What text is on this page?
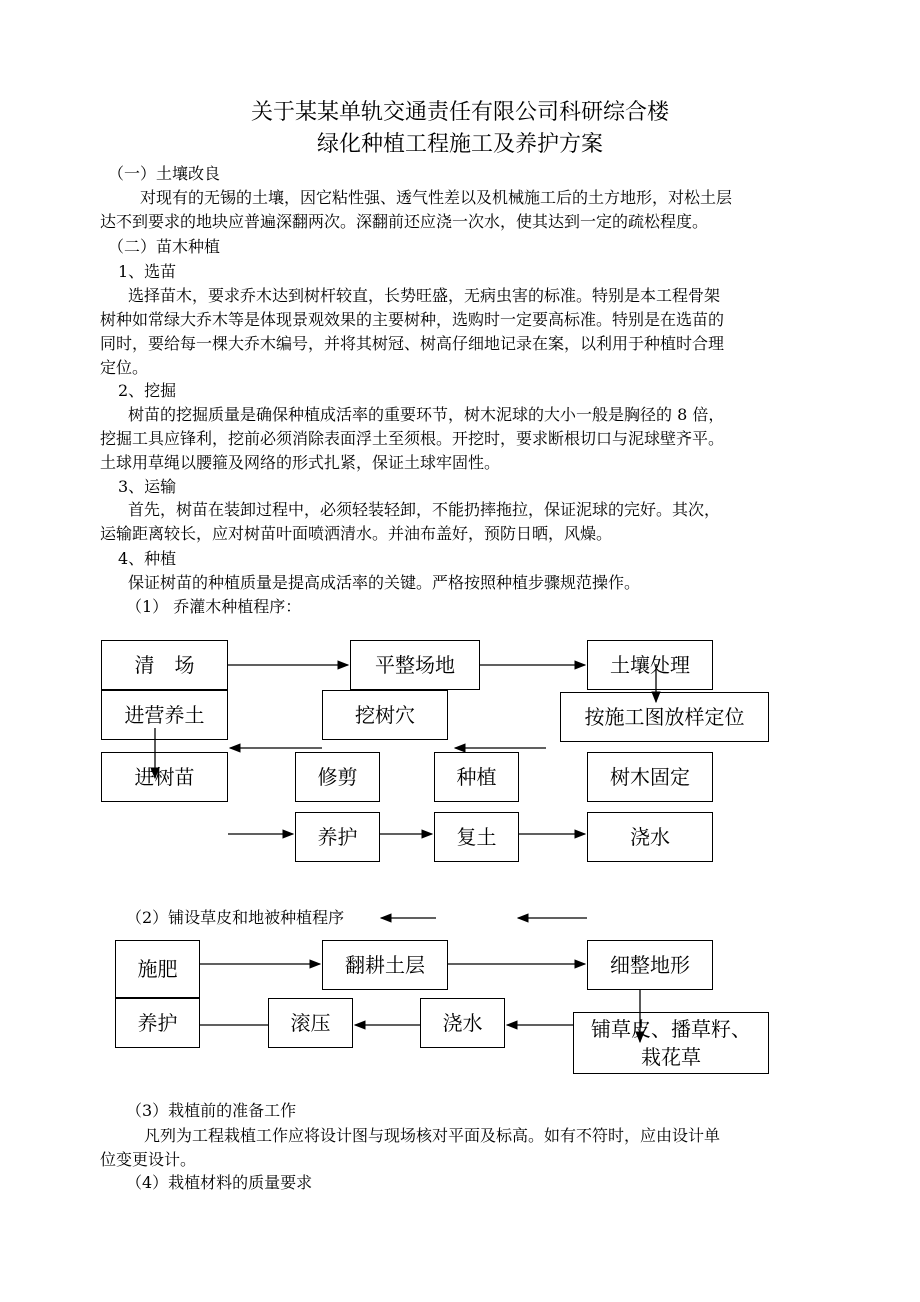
关于某某单轨交通责任有限公司科研综合楼
绿化种植工程施工及养护方案
（一）土壤改良
对现有的无锡的土壤，因它粘性强、透气性差以及机械施工后的土方地形，对松土层
达不到要求的地块应普遍深翻两次。深翻前还应浇一次水，使其达到一定的疏松程度。
（二）苗木种植
1、选苗
选择苗木，要求乔木达到树杆较直，长势旺盛，无病虫害的标准。特别是本工程骨架
树种如常绿大乔木等是体现景观效果的主要树种，选购时一定要高标准。特别是在选苗的
同时，要给每一棵大乔木编号，并将其树冠、树高仔细地记录在案，以利用于种植时合理
定位。
2、挖掘
树苗的挖掘质量是确保种植成活率的重要环节，树木泥球的大小一般是胸径的 8 倍，
挖掘工具应锋利，挖前必须消除表面浮土至须根。开挖时，要求断根切口与泥球壁齐平。
土球用草绳以腰箍及网络的形式扎紧，保证土球牢固性。
3、运输
首先，树苗在装卸过程中，必须轻装轻卸，不能扔摔拖拉，保证泥球的完好。其次，
运输距离较长，应对树苗叶面喷洒清水。并油布盖好，预防日晒，风燥。
4、种植
保证树苗的种植质量是提高成活率的关键。严格按照种植步骤规范操作。
（1） 乔灌木种植程序：
清　场	平整场地	土壤处理
进营养土	挖树穴	按施工图放样定位
进树苗	修剪	种植	树木固定
养护	复土	浇水
（2）铺设草皮和地被种植程序
施肥	翻耕土层	细整地形
养护	滚压	浇水	铺草皮、播草籽、
栽花草
（3）栽植前的准备工作
凡列为工程栽植工作应将设计图与现场核对平面及标高。如有不符时，应由设计单
位变更设计。
（4）栽植材料的质量要求
